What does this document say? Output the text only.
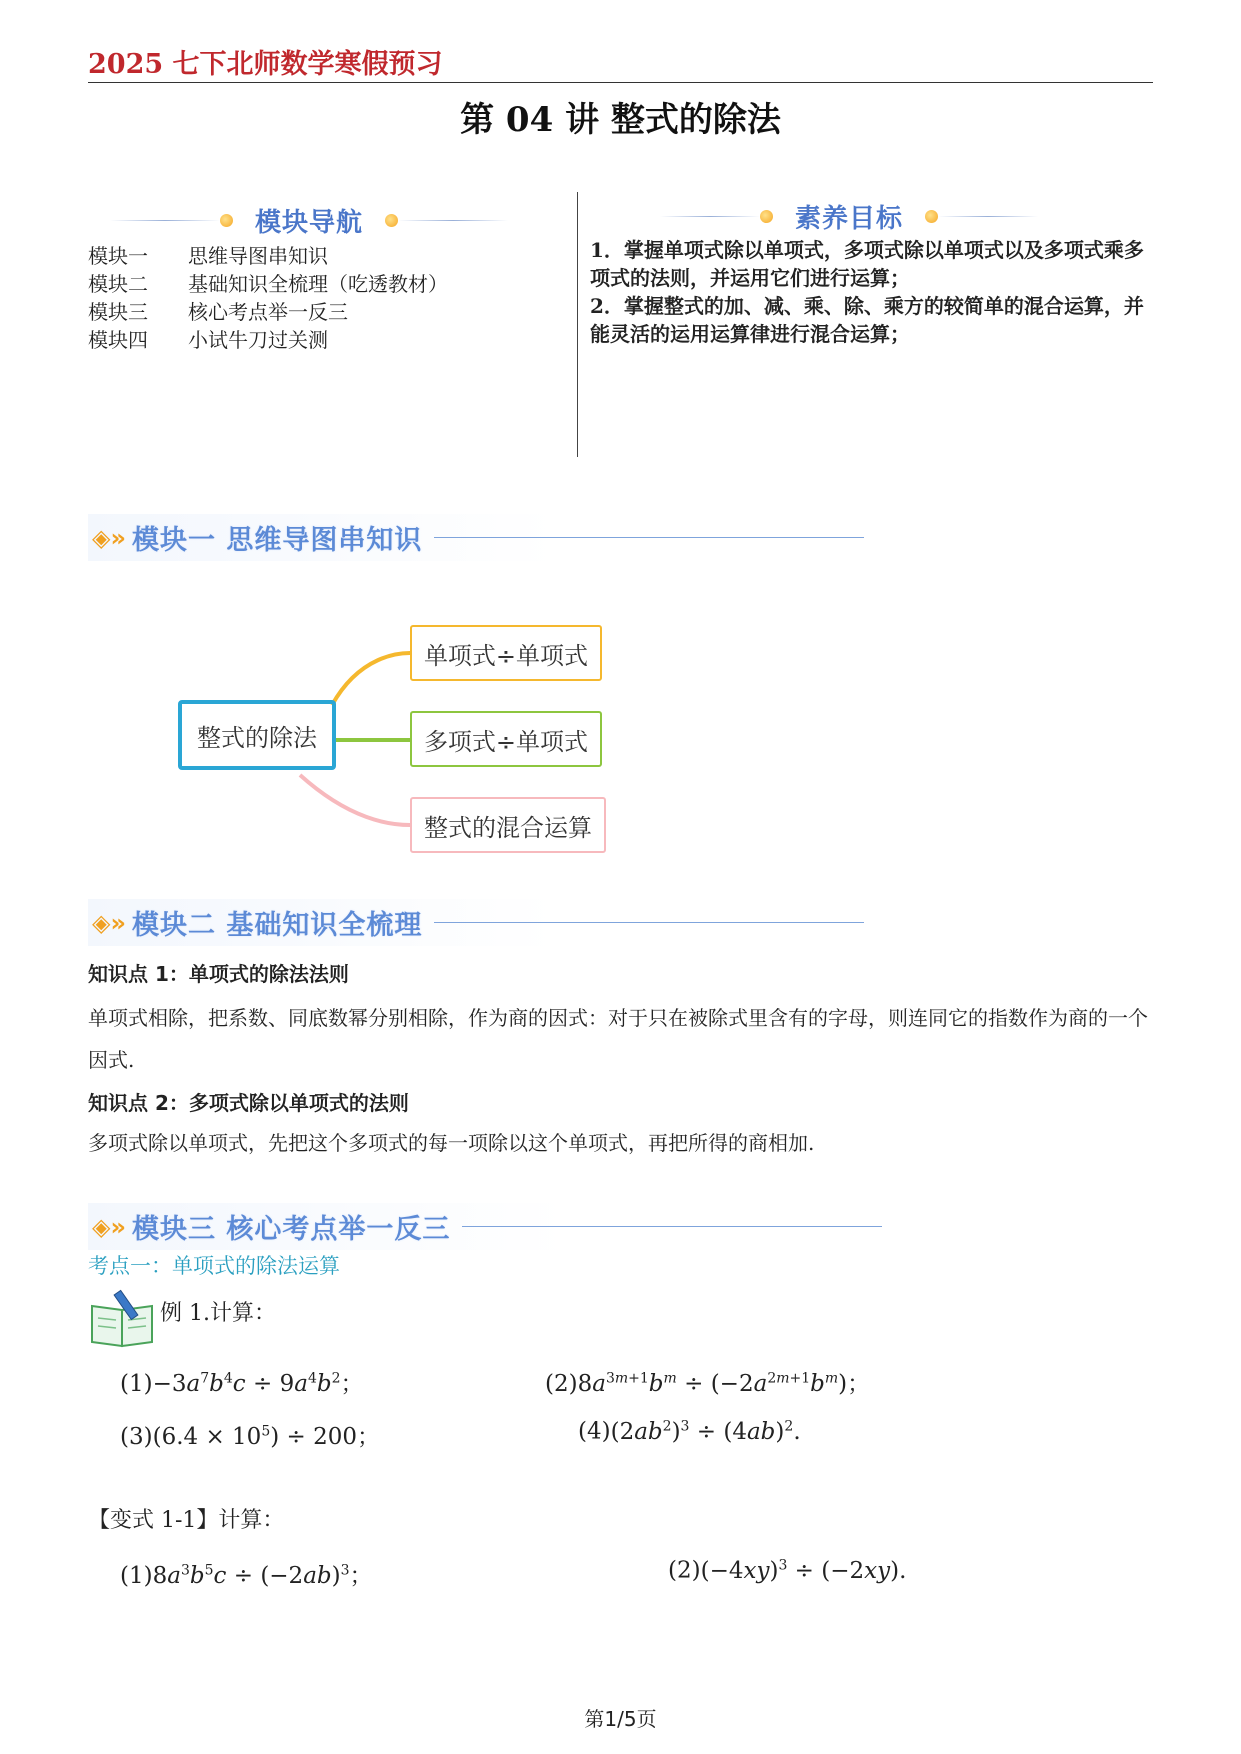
2025 七下北师数学寒假预习
第 04 讲 整式的除法
模块导航
模块一	思维导图串知识
模块二	基础知识全梳理（吃透教材）
模块三	核心考点举一反三
模块四	小试牛刀过关测
素养目标
1．掌握单项式除以单项式，多项式除以单项式以及多项式乘多项式的法则，并运用它们进行运算；
2．掌握整式的加、减、乘、除、乘方的较简单的混合运算，并能灵活的运用运算律进行混合运算；
◈» 模块一 思维导图串知识
整式的除法
单项式÷单项式
多项式÷单项式
整式的混合运算
◈» 模块二 基础知识全梳理
知识点 1：单项式的除法法则
单项式相除，把系数、同底数幂分别相除，作为商的因式：对于只在被除式里含有的字母，则连同它的指数作为商的一个因式.
知识点 2：多项式除以单项式的法则
多项式除以单项式，先把这个多项式的每一项除以这个单项式，再把所得的商相加.
◈» 模块三 核心考点举一反三
考点一：单项式的除法运算
例 1.计算：
$(1)-3a^7b^4c \div 9a^4b^2$；	$(2)8a^{3m+1}b^m \div (-2a^{2m+1}b^m)$；
$(3)(6.4 \times 10^5) \div 200$；	$(4)(2ab^2)^3 \div (4ab)^2$.
【变式 1-1】计算：
$(1)8a^3b^5c \div (-2ab)^3$；	$(2)(-4xy)^3 \div (-2xy)$.
第1/5页
